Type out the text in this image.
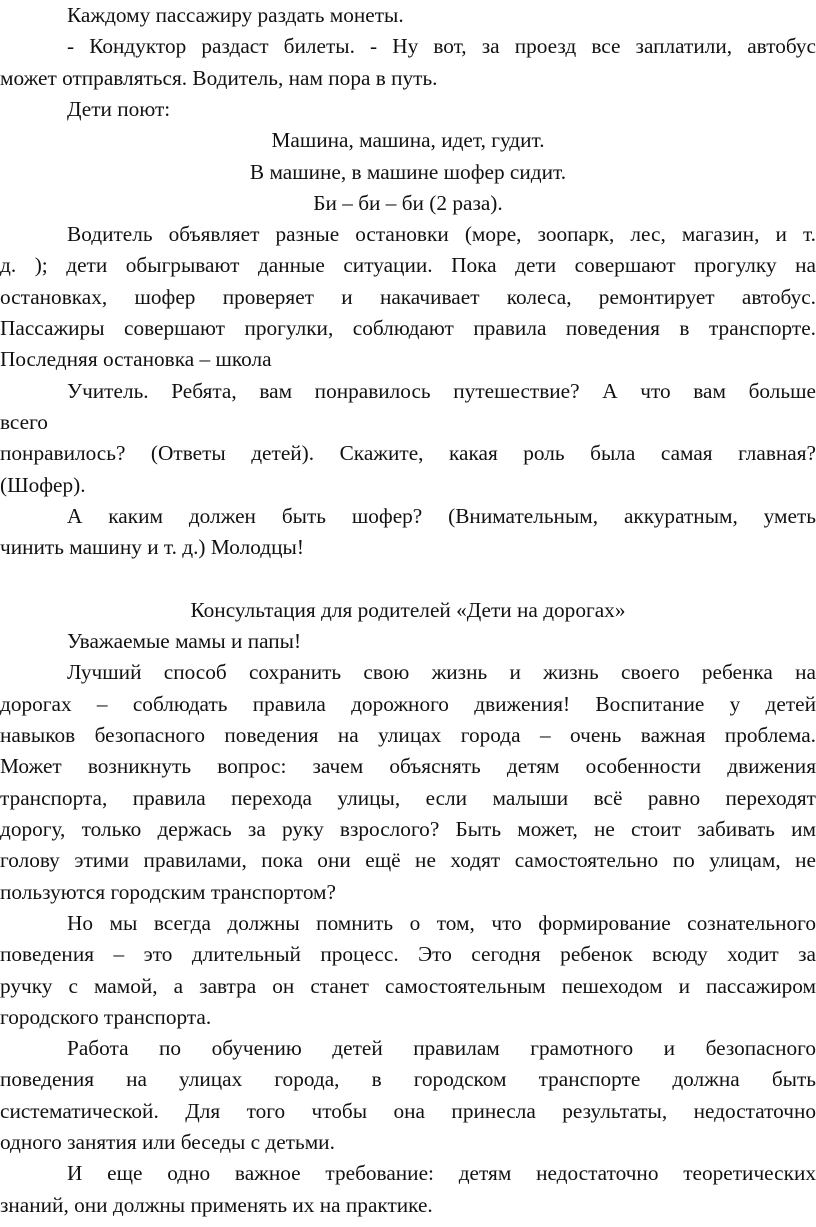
Каждому пассажиру раздать монеты.

- Кондуктор раздаст билеты. - Ну вот, за проезд все заплатили, автобус

может отправляться. Водитель, нам пора в путь.

Дети поют:

Машина, машина, идет, гудит.

В машине, в машине шофер сидит.

Би – би – би (2 раза).

Водитель объявляет разные остановки (море, зоопарк, лес, магазин, и т.

д. ); дети обыгрывают данные ситуации. Пока дети совершают прогулку на

остановках, шофер проверяет и накачивает колеса, ремонтирует автобус.

Пассажиры совершают прогулки, соблюдают правила поведения в транспорте.

Последняя остановка – школа

Учитель. Ребята, вам понравилось путешествие? А что вам больше

всего

понравилось? (Ответы детей). Скажите, какая роль была самая главная?

(Шофер).

А каким должен быть шофер? (Внимательным, аккуратным, уметь

чинить машину и т. д.) Молодцы!

Консультация для родителей «Дети на дорогах»

Уважаемые мамы и папы!

Лучший способ сохранить свою жизнь и жизнь своего ребенка на

дорогах – соблюдать правила дорожного движения! Воспитание у детей

навыков безопасного поведения на улицах города – очень важная проблема.

Может возникнуть вопрос: зачем объяснять детям особенности движения

транспорта, правила перехода улицы, если малыши всё равно переходят

дорогу, только держась за руку взрослого? Быть может, не стоит забивать им

голову этими правилами, пока они ещё не ходят самостоятельно по улицам, не

пользуются городским транспортом?

Но мы всегда должны помнить о том, что формирование сознательного

поведения – это длительный процесс. Это сегодня ребенок всюду ходит за

ручку с мамой, а завтра он станет самостоятельным пешеходом и пассажиром

городского транспорта.

Работа по обучению детей правилам грамотного и безопасного

поведения на улицах города, в городском транспорте должна быть

систематической. Для того чтобы она принесла результаты, недостаточно

одного занятия или беседы с детьми.

И еще одно важное требование: детям недостаточно теоретических

знаний, они должны применять их на практике.
